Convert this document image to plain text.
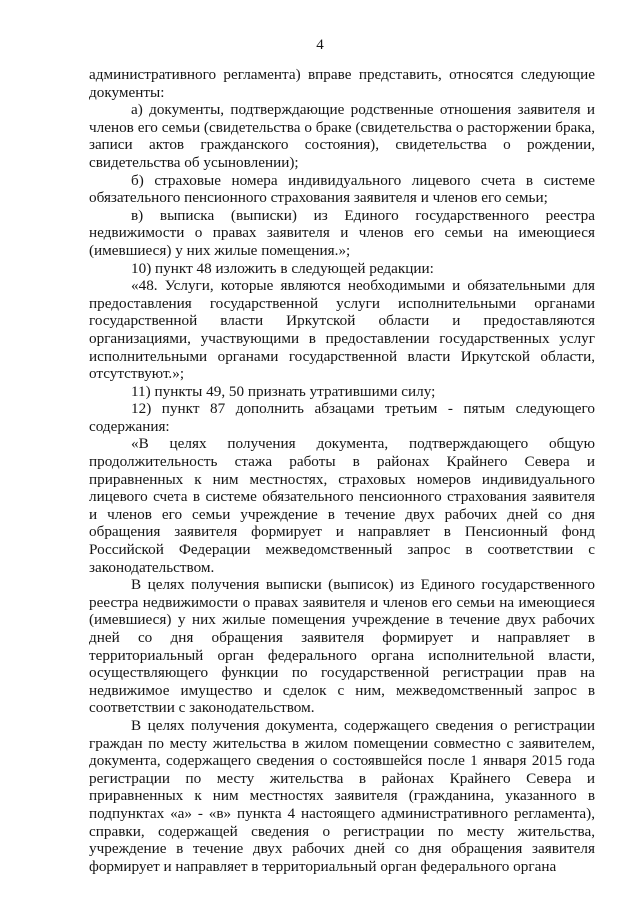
4

административного регламента) вправе представить, относятся следующие документы:

а) документы, подтверждающие родственные отношения заявителя и членов его семьи (свидетельства о браке (свидетельства о расторжении брака, записи актов гражданского состояния), свидетельства о рождении, свидетельства об усыновлении);

б) страховые номера индивидуального лицевого счета в системе обязательного пенсионного страхования заявителя и членов его семьи;

в) выписка (выписки) из Единого государственного реестра недвижимости о правах заявителя и членов его семьи на имеющиеся (имевшиеся) у них жилые помещения.»;

10) пункт 48 изложить в следующей редакции:

«48. Услуги, которые являются необходимыми и обязательными для предоставления государственной услуги исполнительными органами государственной власти Иркутской области и предоставляются организациями, участвующими в предоставлении государственных услуг исполнительными органами государственной власти Иркутской области, отсутствуют.»;

11) пункты 49, 50 признать утратившими силу;

12) пункт 87 дополнить абзацами третьим - пятым следующего содержания:

«В целях получения документа, подтверждающего общую продолжительность стажа работы в районах Крайнего Севера и приравненных к ним местностях, страховых номеров индивидуального лицевого счета в системе обязательного пенсионного страхования заявителя и членов его семьи учреждение в течение двух рабочих дней со дня обращения заявителя формирует и направляет в Пенсионный фонд Российской Федерации межведомственный запрос в соответствии с законодательством.

В целях получения выписки (выписок) из Единого государственного реестра недвижимости о правах заявителя и членов его семьи на имеющиеся (имевшиеся) у них жилые помещения учреждение в течение двух рабочих дней со дня обращения заявителя формирует и направляет в территориальный орган федерального органа исполнительной власти, осуществляющего функции по государственной регистрации прав на недвижимое имущество и сделок с ним, межведомственный запрос в соответствии с законодательством.

В целях получения документа, содержащего сведения о регистрации граждан по месту жительства в жилом помещении совместно с заявителем, документа, содержащего сведения о состоявшейся после 1 января 2015 года регистрации по месту жительства в районах Крайнего Севера и приравненных к ним местностях заявителя (гражданина, указанного в подпунктах «а» - «в» пункта 4 настоящего административного регламента), справки, содержащей сведения о регистрации по месту жительства, учреждение в течение двух рабочих дней со дня обращения заявителя формирует и направляет в территориальный орган федерального органа
